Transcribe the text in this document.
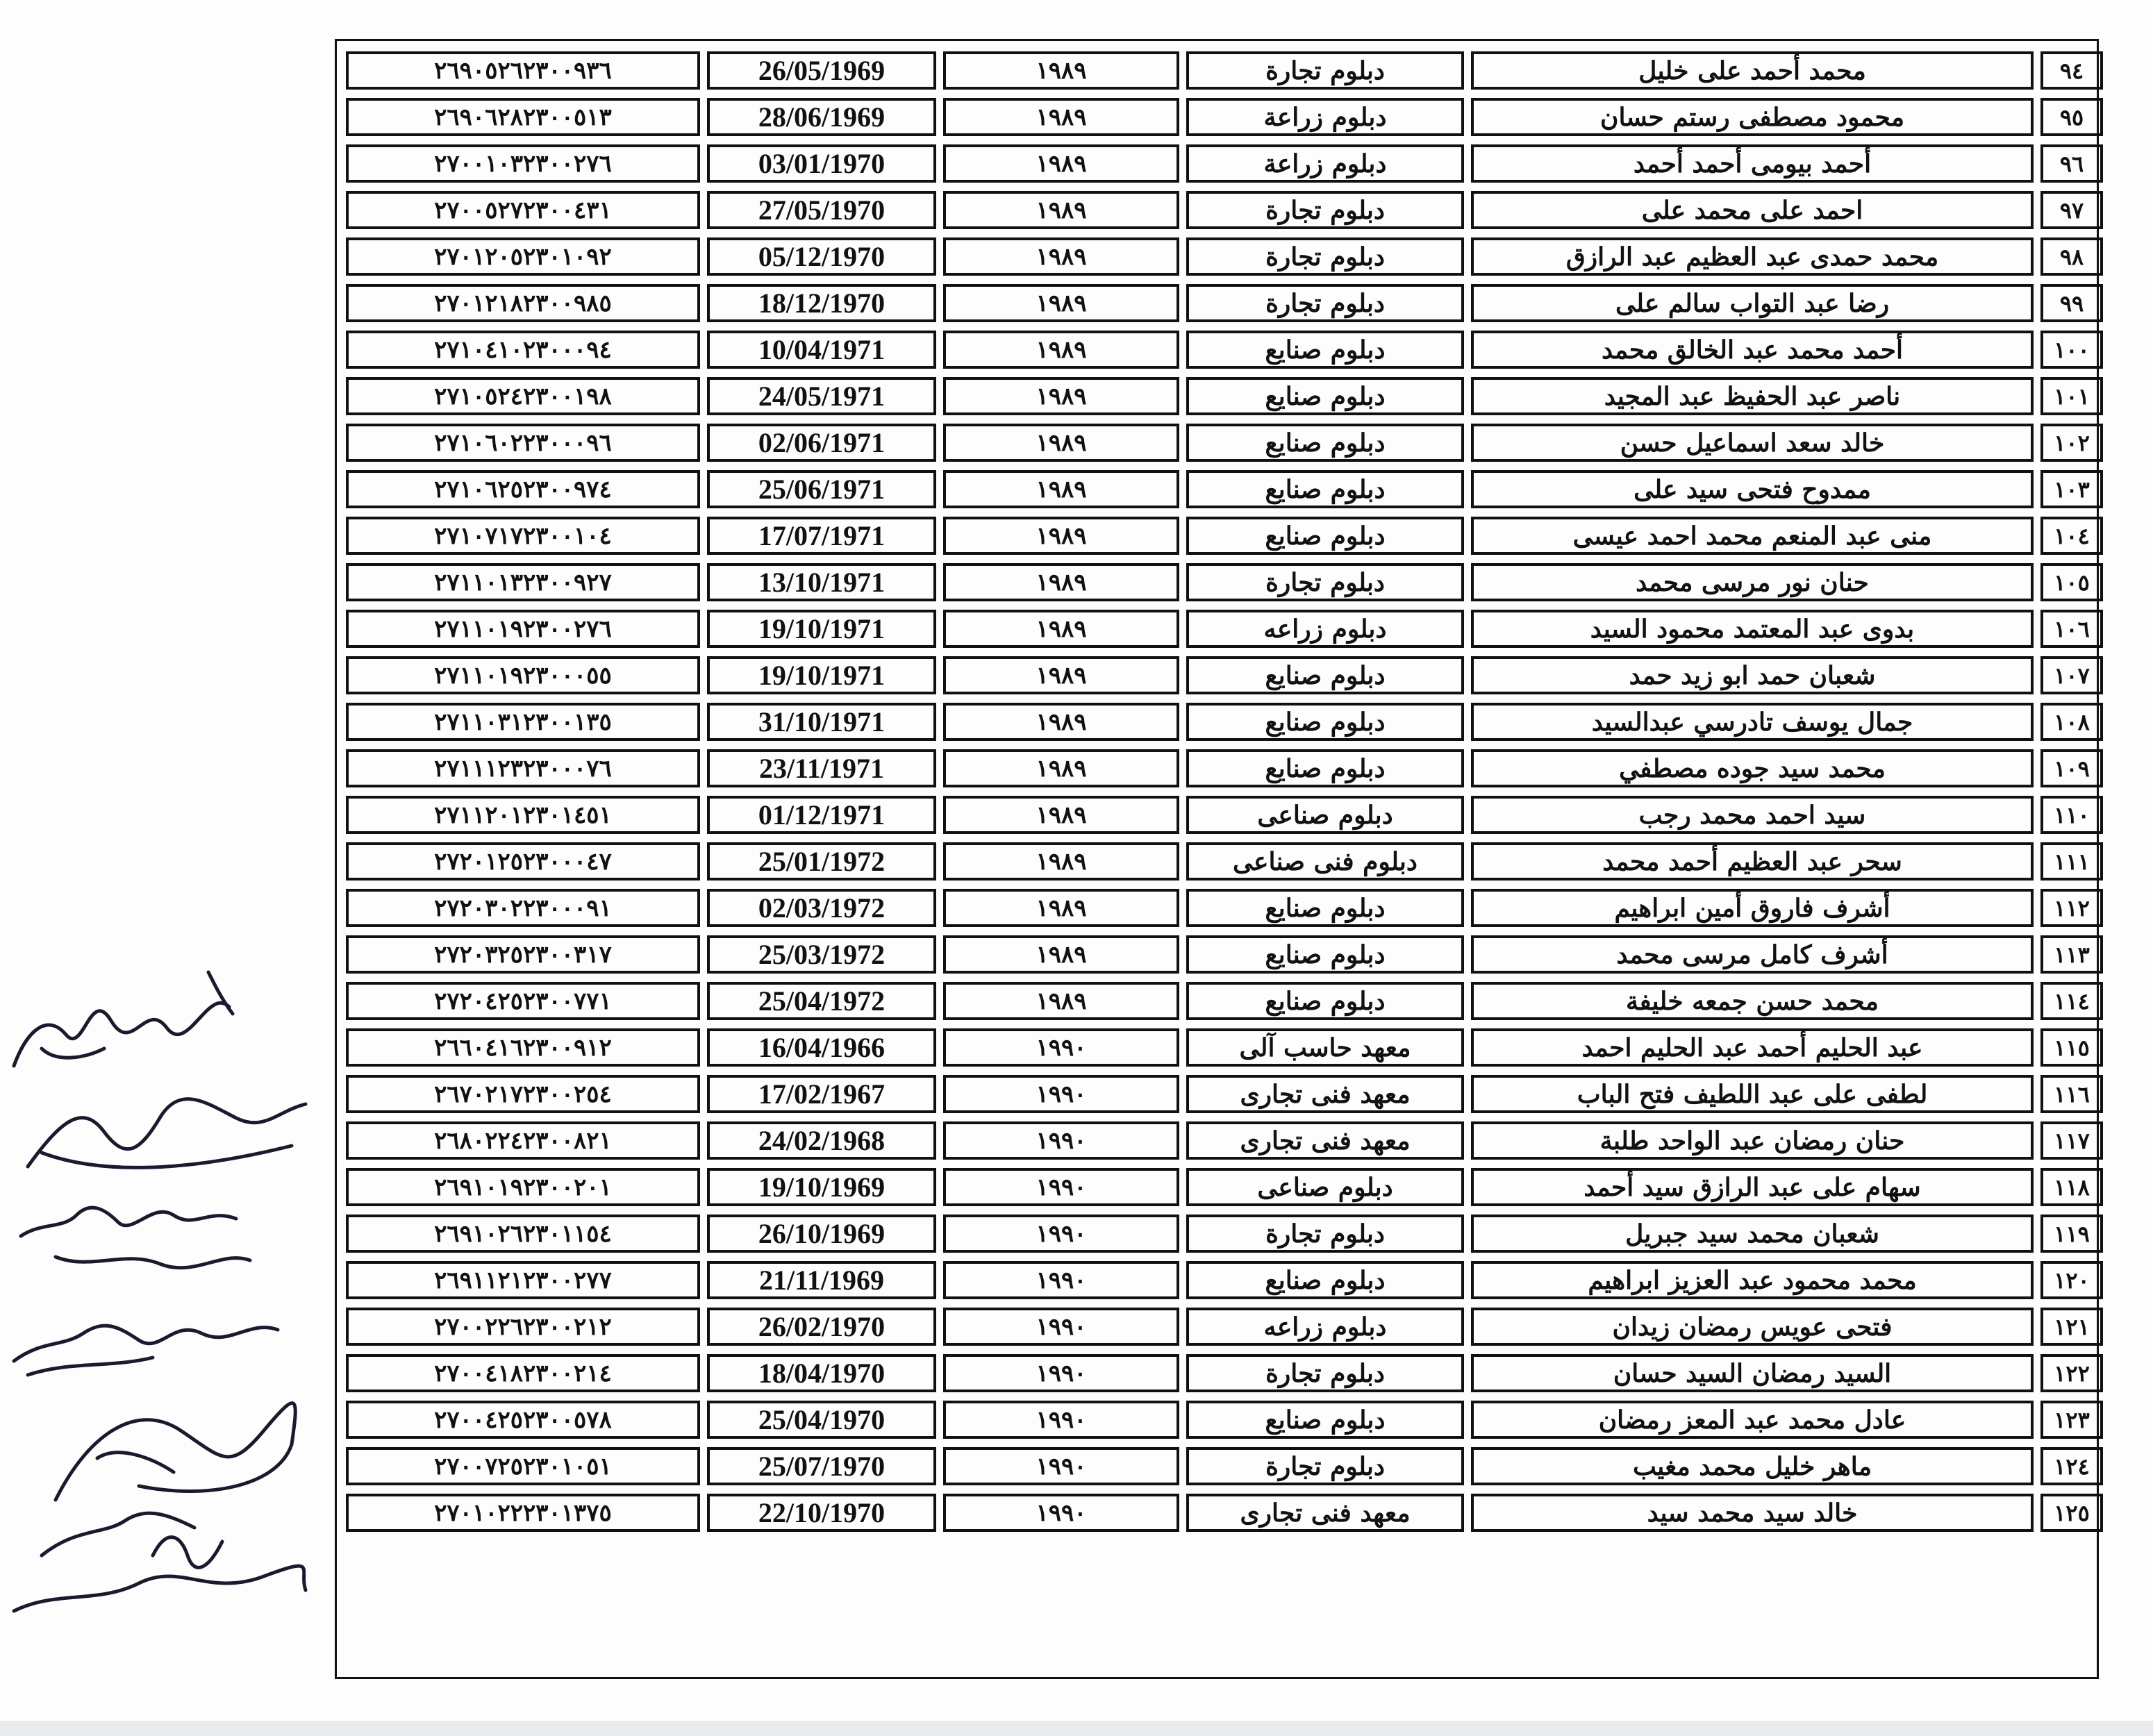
٩٤	محمد أحمد على خليل	دبلوم تجارة	١٩٨٩	26/05/1969	٢٦٩٠٥٢٦٢٣٠٠٩٣٦
٩٥	محمود مصطفى رستم حسان	دبلوم زراعة	١٩٨٩	28/06/1969	٢٦٩٠٦٢٨٢٣٠٠٥١٣
٩٦	أحمد بيومى أحمد أحمد	دبلوم زراعة	١٩٨٩	03/01/1970	٢٧٠٠١٠٣٢٣٠٠٢٧٦
٩٧	احمد على محمد على	دبلوم تجارة	١٩٨٩	27/05/1970	٢٧٠٠٥٢٧٢٣٠٠٤٣١
٩٨	محمد حمدى عبد العظيم عبد الرازق	دبلوم تجارة	١٩٨٩	05/12/1970	٢٧٠١٢٠٥٢٣٠١٠٩٢
٩٩	رضا عبد التواب سالم على	دبلوم تجارة	١٩٨٩	18/12/1970	٢٧٠١٢١٨٢٣٠٠٩٨٥
١٠٠	أحمد محمد عبد الخالق محمد	دبلوم صنايع	١٩٨٩	10/04/1971	٢٧١٠٤١٠٢٣٠٠٠٩٤
١٠١	ناصر عبد الحفيظ عبد المجيد	دبلوم صنايع	١٩٨٩	24/05/1971	٢٧١٠٥٢٤٢٣٠٠١٩٨
١٠٢	خالد سعد اسماعيل حسن	دبلوم صنايع	١٩٨٩	02/06/1971	٢٧١٠٦٠٢٢٣٠٠٠٩٦
١٠٣	ممدوح فتحى سيد على	دبلوم صنايع	١٩٨٩	25/06/1971	٢٧١٠٦٢٥٢٣٠٠٩٧٤
١٠٤	منى عبد المنعم محمد احمد عيسى	دبلوم صنايع	١٩٨٩	17/07/1971	٢٧١٠٧١٧٢٣٠٠١٠٤
١٠٥	حنان نور مرسى محمد	دبلوم تجارة	١٩٨٩	13/10/1971	٢٧١١٠١٣٢٣٠٠٩٢٧
١٠٦	بدوى عبد المعتمد محمود السيد	دبلوم زراعه	١٩٨٩	19/10/1971	٢٧١١٠١٩٢٣٠٠٢٧٦
١٠٧	شعبان حمد ابو زيد حمد	دبلوم صنايع	١٩٨٩	19/10/1971	٢٧١١٠١٩٢٣٠٠٠٥٥
١٠٨	جمال يوسف تادرسي عبدالسيد	دبلوم صنايع	١٩٨٩	31/10/1971	٢٧١١٠٣١٢٣٠٠١٣٥
١٠٩	محمد سيد جوده مصطفي	دبلوم صنايع	١٩٨٩	23/11/1971	٢٧١١١٢٣٢٣٠٠٠٧٦
١١٠	سيد احمد محمد رجب	دبلوم صناعى	١٩٨٩	01/12/1971	٢٧١١٢٠١٢٣٠١٤٥١
١١١	سحر عبد العظيم أحمد محمد	دبلوم فنى صناعى	١٩٨٩	25/01/1972	٢٧٢٠١٢٥٢٣٠٠٠٤٧
١١٢	أشرف فاروق أمين ابراهيم	دبلوم صنايع	١٩٨٩	02/03/1972	٢٧٢٠٣٠٢٢٣٠٠٠٩١
١١٣	أشرف كامل مرسى محمد	دبلوم صنايع	١٩٨٩	25/03/1972	٢٧٢٠٣٢٥٢٣٠٠٣١٧
١١٤	محمد حسن جمعه خليفة	دبلوم صنايع	١٩٨٩	25/04/1972	٢٧٢٠٤٢٥٢٣٠٠٧٧١
١١٥	عبد الحليم أحمد عبد الحليم احمد	معهد حاسب آلى	١٩٩٠	16/04/1966	٢٦٦٠٤١٦٢٣٠٠٩١٢
١١٦	لطفى على عبد اللطيف فتح الباب	معهد فنى تجارى	١٩٩٠	17/02/1967	٢٦٧٠٢١٧٢٣٠٠٢٥٤
١١٧	حنان رمضان عبد الواحد طلبة	معهد فنى تجارى	١٩٩٠	24/02/1968	٢٦٨٠٢٢٤٢٣٠٠٨٢١
١١٨	سهام على عبد الرازق سيد أحمد	دبلوم صناعى	١٩٩٠	19/10/1969	٢٦٩١٠١٩٢٣٠٠٢٠١
١١٩	شعبان محمد سيد جبريل	دبلوم تجارة	١٩٩٠	26/10/1969	٢٦٩١٠٢٦٢٣٠١١٥٤
١٢٠	محمد محمود عبد العزيز ابراهيم	دبلوم صنايع	١٩٩٠	21/11/1969	٢٦٩١١٢١٢٣٠٠٢٧٧
١٢١	فتحى عويس رمضان زيدان	دبلوم زراعه	١٩٩٠	26/02/1970	٢٧٠٠٢٢٦٢٣٠٠٢١٢
١٢٢	السيد رمضان السيد حسان	دبلوم تجارة	١٩٩٠	18/04/1970	٢٧٠٠٤١٨٢٣٠٠٢١٤
١٢٣	عادل محمد عبد المعز رمضان	دبلوم صنايع	١٩٩٠	25/04/1970	٢٧٠٠٤٢٥٢٣٠٠٥٧٨
١٢٤	ماهر خليل محمد مغيب	دبلوم تجارة	١٩٩٠	25/07/1970	٢٧٠٠٧٢٥٢٣٠١٠٥١
١٢٥	خالد سيد محمد سيد	معهد فنى تجارى	١٩٩٠	22/10/1970	٢٧٠١٠٢٢٢٣٠١٣٧٥
